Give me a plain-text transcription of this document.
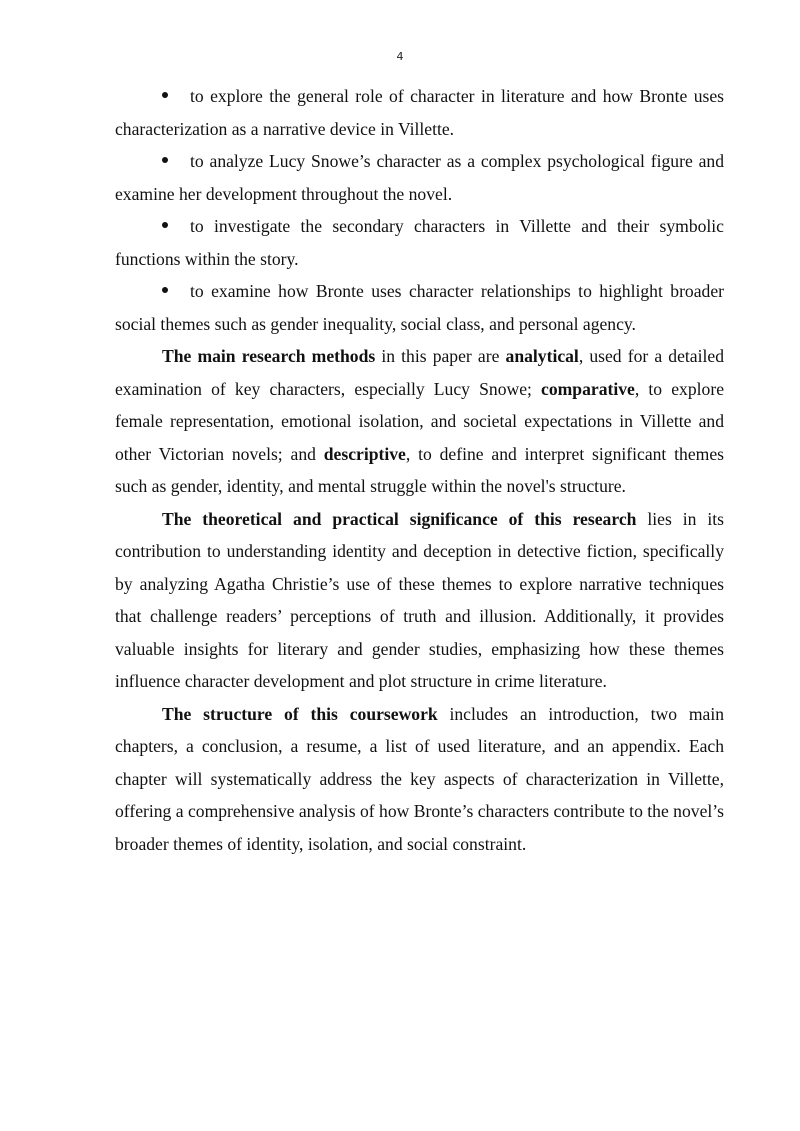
4

to explore the general role of character in literature and how Bronte uses characterization as a narrative device in Villette.

to analyze Lucy Snowe’s character as a complex psychological figure and examine her development throughout the novel.

to investigate the secondary characters in Villette and their symbolic functions within the story.

to examine how Bronte uses character relationships to highlight broader social themes such as gender inequality, social class, and personal agency.

The main research methods in this paper are analytical, used for a detailed examination of key characters, especially Lucy Snowe; comparative, to explore female representation, emotional isolation, and societal expectations in Villette and other Victorian novels; and descriptive, to define and interpret significant themes such as gender, identity, and mental struggle within the novel's structure.

The theoretical and practical significance of this research lies in its contribution to understanding identity and deception in detective fiction, specifically by analyzing Agatha Christie’s use of these themes to explore narrative techniques that challenge readers’ perceptions of truth and illusion. Additionally, it provides valuable insights for literary and gender studies, emphasizing how these themes influence character development and plot structure in crime literature.

The structure of this coursework includes an introduction, two main chapters, a conclusion, a resume, a list of used literature, and an appendix. Each chapter will systematically address the key aspects of characterization in Villette, offering a comprehensive analysis of how Bronte’s characters contribute to the novel’s broader themes of identity, isolation, and social constraint.
